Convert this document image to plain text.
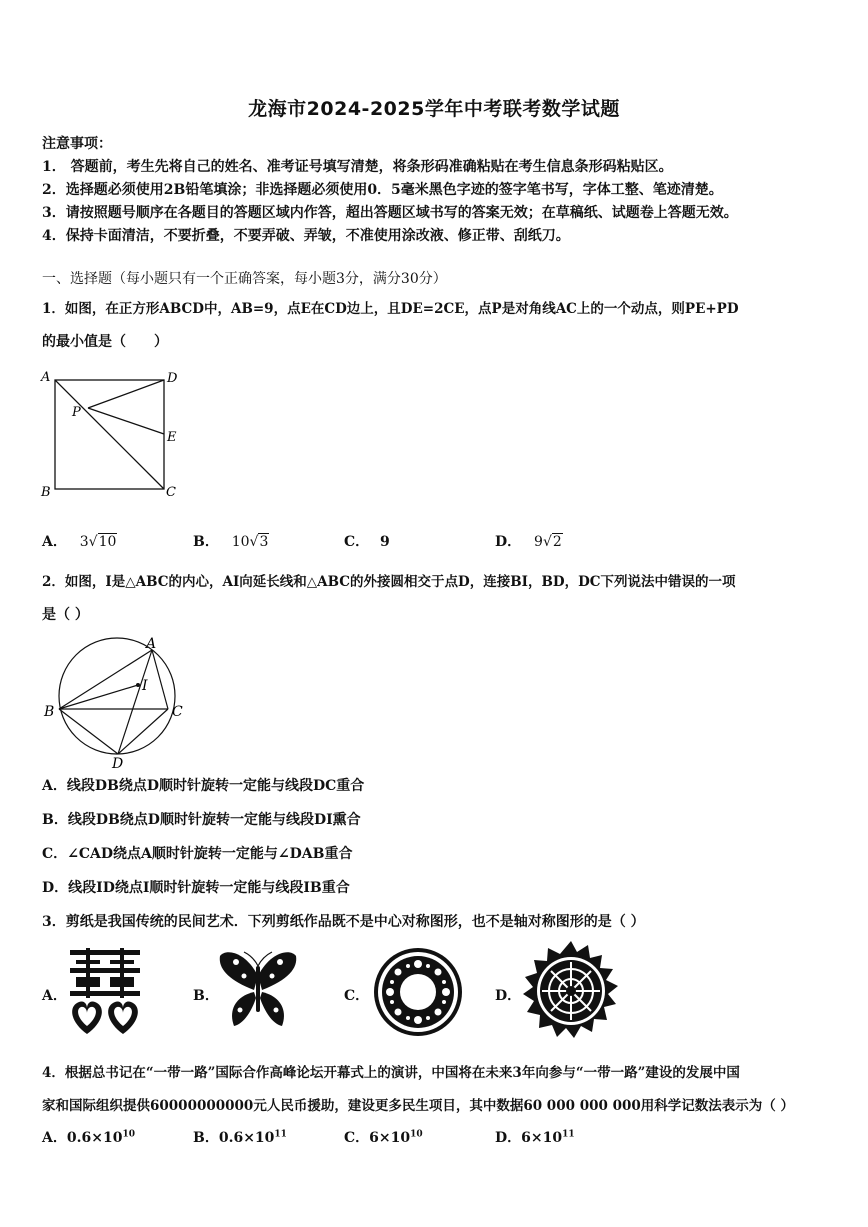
龙海市2024-2025学年中考联考数学试题
注意事项：
1． 答题前，考生先将自己的姓名、准考证号填写清楚，将条形码准确粘贴在考生信息条形码粘贴区。
2．选择题必须使用2B铅笔填涂；非选择题必须使用0．5毫米黑色字迹的签字笔书写，字体工整、笔迹清楚。
3．请按照题号顺序在各题目的答题区域内作答，超出答题区域书写的答案无效；在草稿纸、试题卷上答题无效。
4．保持卡面清洁，不要折叠，不要弄破、弄皱，不准使用涂改液、修正带、刮纸刀。
一、选择题（每小题只有一个正确答案，每小题3分，满分30分）
1．如图，在正方形ABCD中，AB=9，点E在CD边上，且DE=2CE，点P是对角线AC上的一个动点，则PE+PD
的最小值是（　　）
A	D
E
B	C
P
A． 3√10	B． 10√3	C． 9	D． 9√2
2．如图，I是△ABC的内心，AI向延长线和△ABC的外接圆相交于点D，连接BI，BD，DC下列说法中错误的一项
是（ ）
A
B	C
D
I
A．线段DB绕点D顺时针旋转一定能与线段DC重合
B．线段DB绕点D顺时针旋转一定能与线段DI熏合
C．∠CAD绕点A顺时针旋转一定能与∠DAB重合
D．线段ID绕点I顺时针旋转一定能与线段IB重合
3．剪纸是我国传统的民间艺术．下列剪纸作品既不是中心对称图形，也不是轴对称图形的是（ ）
A．	B．	C．	D．
4．根据总书记在“一带一路”国际合作高峰论坛开幕式上的演讲，中国将在未来3年向参与“一带一路”建设的发展中国
家和国际组织提供60000000000元人民币援助，建设更多民生项目，其中数据60 000 000 000用科学记数法表示为（ ）
A．$0.6\times 10^{10}$	B．$0.6\times 10^{11}$	C．$6\times 10^{10}$	D．$6\times 10^{11}$
